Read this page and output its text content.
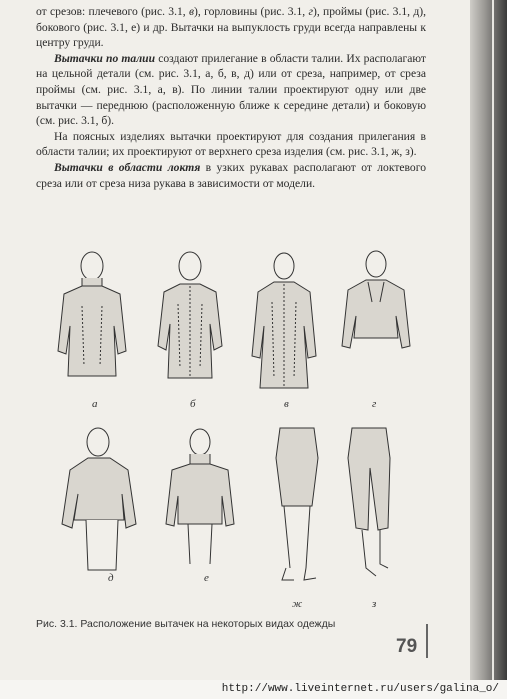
от срезов: плечевого (рис. 3.1, в), горловины (рис. 3.1, г), проймы (рис. 3.1, д), бокового (рис. 3.1, е) и др. Вытачки на выпуклость груди всегда направлены к центру груди.

Вытачки по талии создают прилегание в области талии. Их располагают на цельной детали (см. рис. 3.1, а, б, в, д) или от среза, например, от среза проймы (см. рис. 3.1, а, в). По линии талии проектируют одну или две вытачки — переднюю (расположенную ближе к середине детали) и боковую (см. рис. 3.1, б).

На поясных изделиях вытачки проектируют для создания прилегания в области талии; их проектируют от верхнего среза изделия (см. рис. 3.1, ж, з).

Вытачки в области локтя в узких рукавах располагают от локтевого среза или от среза низа рукава в зависимости от модели.

а	б	в	г
д	е
ж	з
Рис. 3.1. Расположение вытачек на некоторых видах одежды
79
http://www.liveinternet.ru/users/galina_o/
